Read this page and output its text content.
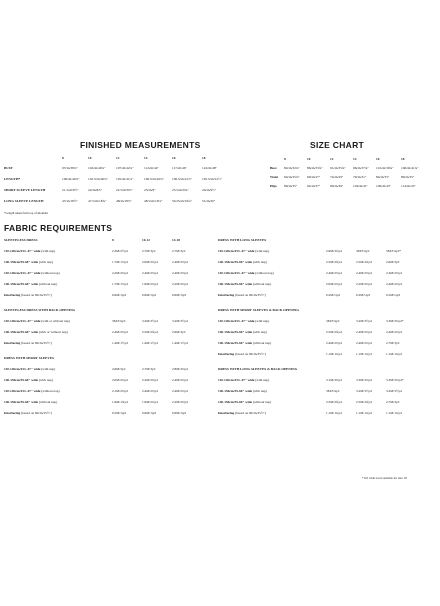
FINISHED MEASUREMENTS
	8	10	12	14	16	18
BUST	97cm/38⅛"	102cm/40⅛"	107cm/42⅛"	112cm/44"	117cm/46"	122cm/48"
LENGTH*	100cm/40⅝"	102.5cm/40⅜"	105cm/41⅛"	106.5cm/42⅜"	106.5cm/41⅞"	105.5cm/41½"
SHORT SLEEVE LENGTH	21.5cm/8½"	22cm/8⅝"	22.5cm/8⅞"	23cm/9"	23.5cm/9¼"	24cm/9½"
LONG SLEEVE LENGTH	47cm/18½"	47.5cm/18¾"	48cm/18⅞"	48.5cm/19⅛"	50.25cm/19¾"	51cm/20"
*Length taken from top of shoulder
SIZE CHART
	8	10	12	14	16	18
Bust	82cm/32¼"	86cm/33¾"	91cm/35¾"	96cm/37¾"	101cm/39¾"	106cm/41¾"
Waist	64cm/25⅛"	69cm/27"	74cm/29"	79cm/31"	84cm/33"	89cm/35"
Hips	89cm/35"	94cm/37"	99cm/39"	104cm/41"	109cm/43"	114cm/45"
FABRIC REQUIREMENTS
SLEEVELESS DRESS	8	10-12	14-18
110-120cm/43⅓-47" wide (with nap)	2.3M/2½yd	2.7M/3yd	2.7M/3yd
140-150cm/55-60" wide (with nap)	1.7M/1⅞yd	2.0M/2⅛yd	2.4M/2⅝yd
110-120cm/43⅓-47" wide (without nap)	2.2M/2⅜yd	2.4M/2⅝yd	2.4M/2⅝yd
140-150cm/55-60" wide (without nap)	1.7M/1⅞yd	1.9M/2⅛yd	2.2M/2⅜yd
Interfacing (based on 90cm/35½")	0.6M/⅝yd	0.6M/⅝yd	0.6M/⅝yd

SLEEVELESS DRESS WITH BACK OPENING			
110-120cm/43⅓-47" wide (with or without nap)	3M/3⅜yd	3.2M/3½yd	3.2M/3½yd
140-150cm/55-60" wide (with or without nap)	2.4M/2⅝yd	2.5M/2¾yd	2.6M/3yd
Interfacing (based on 90cm/35½")	1.4M/1½yd	1.4M/1½yd	1.4M/1½yd

DRESS WITH SHORT SLEEVES			
110-120cm/43⅓-47" wide (with nap)	2.6M/3yd	2.7M/3yd	2.8M/3⅛yd
140-150cm/55-60" wide (with nap)	2.0M/2⅛yd	2.2M/2⅜yd	2.4M/2⅝yd
110-120cm/43⅓-47" wide (without nap)	2.1M/2⅜yd	2.4M/2⅝yd	2.4M/2⅝yd
140-150cm/55-60" wide (without nap)	1.6M/1¾yd	1.9M/2⅛yd	2.2M/2⅜yd
Interfacing (based on 90cm/35½")	0.5M/⅝yd	0.6M/⅝yd	0.6M/⅝yd

DRESS WITH LONG SLEEVES			
110-120cm/43⅓-47" wide (with nap)	2.9M/3⅛yd	3M/3⅜yd	3M/3⅜yd*
140-150cm/55-60" wide (with nap)	2.5M/2¾yd	2.5M/2¾yd	2.6M/3yd
110-120cm/43⅓-47" wide (without nap)	2.4M/2⅝yd	2.4M/2⅝yd	2.4M/2⅝yd
140-150cm/55-60" wide (without nap)	2.0M/2⅛yd	2.2M/2⅜yd	2.4M/2⅝yd
Interfacing (based on 90cm/35½")	0.2M/⅛yd	0.2M/⅛yd	0.2M/⅛yd

DRESS WITH SHORT SLEEVES & BACK OPENING			
110-120cm/43⅓-47" wide (with nap)	3M/3⅜yd	3.2M/3½yd	3.3M/3⅝yd*
140-150cm/55-60" wide (with nap)	2.5M/2¾yd	2.4M/2⅝yd	2.4M/2⅝yd
140-150cm/55-60" wide (without nap)	2.4M/2⅝yd	2.4M/2⅝yd	2.7M/3yd
Interfacing (based on 90cm/35½")	1.1M/1¼yd	1.1M/1¼yd	1.1M/1¼yd

DRESS WITH LONG SLEEVES & BACK OPENING			
110-120cm/43⅓-47" wide (with nap)	3.1M/3⅜yd	3.3M/3⅝yd	3.3M/3⅝yd*
140-150cm/55-60" wide (with nap)	3M/3⅜yd	3.2M/3½yd	3.2M/3½yd
140-150cm/55-60" wide (without nap)	2.5M/2¾yd	2.5M/2¾yd	2.7M/3yd
Interfacing (based on 90cm/35½")	1.1M/1¼yd	1.1M/1¼yd	1.1M/1¼yd

*110 wide is not suitable for size 18
